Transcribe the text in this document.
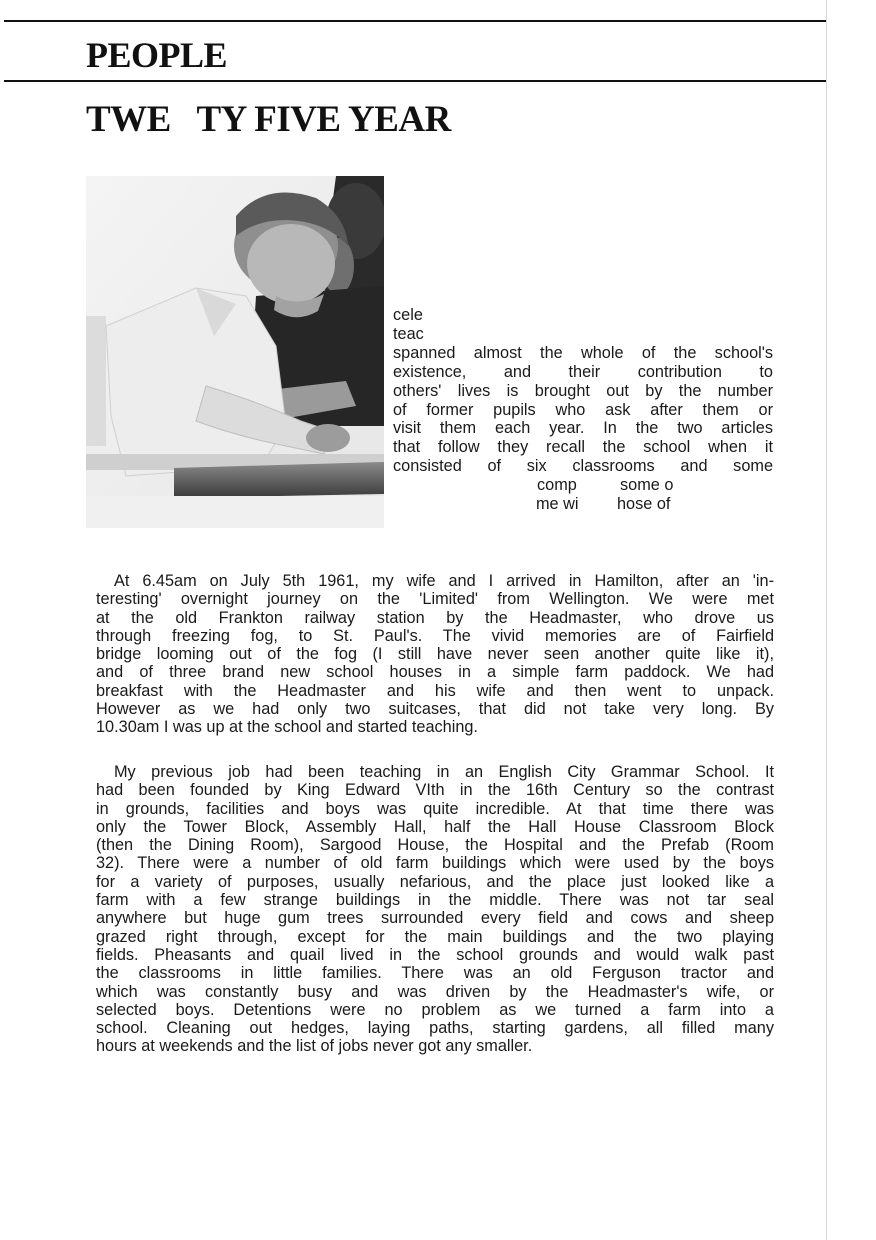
PEOPLE
TWE   TY FIVE YEAR
cele
teac
spanned almost the whole of the school's
existence, and their contribution to
others' lives is brought out by the number
of former pupils who ask after them or
visit them each year. In the two articles
that follow they recall the school when it
consisted of six classrooms and some
comp	some o
me wi hose of
At 6.45am on July 5th 1961, my wife and I arrived in Hamilton, after an 'in-
teresting' overnight journey on the 'Limited' from Wellington. We were met
at the old Frankton railway station by the Headmaster, who drove us
through freezing fog, to St. Paul's. The vivid memories are of Fairfield
bridge looming out of the fog (I still have never seen another quite like it),
and of three brand new school houses in a simple farm paddock. We had
breakfast with the Headmaster and his wife and then went to unpack.
However as we had only two suitcases, that did not take very long. By
10.30am I was up at the school and started teaching.
My previous job had been teaching in an English City Grammar School. It
had been founded by King Edward VIth in the 16th Century so the contrast
in grounds, facilities and boys was quite incredible. At that time there was
only the Tower Block, Assembly Hall, half the Hall House Classroom Block
(then the Dining Room), Sargood House, the Hospital and the Prefab (Room
32). There were a number of old farm buildings which were used by the boys
for a variety of purposes, usually nefarious, and the place just looked like a
farm with a few strange buildings in the middle. There was not tar seal
anywhere but huge gum trees surrounded every field and cows and sheep
grazed right through, except for the main buildings and the two playing
fields. Pheasants and quail lived in the school grounds and would walk past
the classrooms in little families. There was an old Ferguson tractor and
which was constantly busy and was driven by the Headmaster's wife, or
selected boys. Detentions were no problem as we turned a farm into a
school. Cleaning out hedges, laying paths, starting gardens, all filled many
hours at weekends and the list of jobs never got any smaller.
